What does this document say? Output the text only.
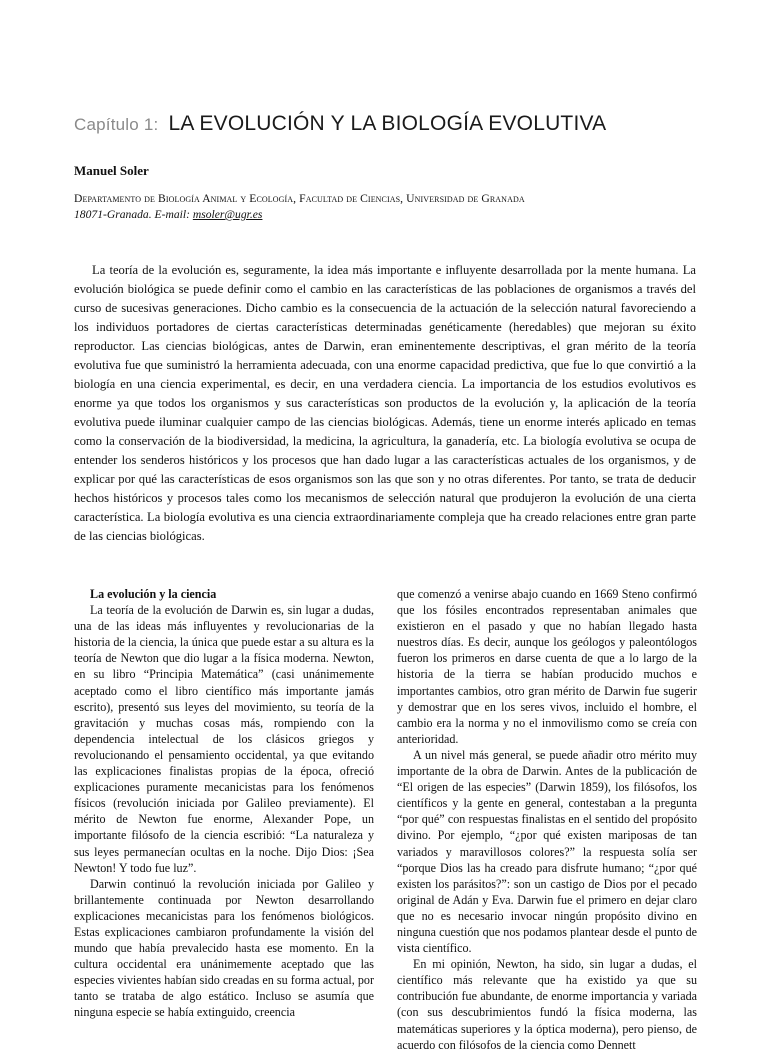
Capítulo 1: LA EVOLUCIÓN Y LA BIOLOGÍA EVOLUTIVA
Manuel Soler
Departamento de Biología Animal y Ecología, Facultad de Ciencias, Universidad de Granada
18071-Granada. E-mail: msoler@ugr.es

La teoría de la evolución es, seguramente, la idea más importante e influyente desarrollada por la mente humana. La evolución biológica se puede definir como el cambio en las características de las poblaciones de organismos a través del curso de sucesivas generaciones. Dicho cambio es la consecuencia de la actuación de la selección natural favoreciendo a los individuos portadores de ciertas características determinadas genéticamente (heredables) que mejoran su éxito reproductor. Las ciencias biológicas, antes de Darwin, eran eminentemente descriptivas, el gran mérito de la teoría evolutiva fue que suministró la herramienta adecuada, con una enorme capacidad predictiva, que fue lo que convirtió a la biología en una ciencia experimental, es decir, en una verdadera ciencia. La importancia de los estudios evolutivos es enorme ya que todos los organismos y sus características son productos de la evolución y, la aplicación de la teoría evolutiva puede iluminar cualquier campo de las ciencias biológicas. Además, tiene un enorme interés aplicado en temas como la conservación de la biodiversidad, la medicina, la agricultura, la ganadería, etc. La biología evolutiva se ocupa de entender los senderos históricos y los procesos que han dado lugar a las características actuales de los organismos, y de explicar por qué las características de esos organismos son las que son y no otras diferentes. Por tanto, se trata de deducir hechos históricos y procesos tales como los mecanismos de selección natural que produjeron la evolución de una cierta característica. La biología evolutiva es una ciencia extraordinariamente compleja que ha creado relaciones entre gran parte de las ciencias biológicas.

La evolución y la ciencia

La teoría de la evolución de Darwin es, sin lugar a dudas, una de las ideas más influyentes y revolucionarias de la historia de la ciencia, la única que puede estar a su altura es la teoría de Newton que dio lugar a la física moderna. Newton, en su libro “Principia Matemática” (casi unánimemente aceptado como el libro científico más importante jamás escrito), presentó sus leyes del movimiento, su teoría de la gravitación y muchas cosas más, rompiendo con la dependencia intelectual de los clásicos griegos y revolucionando el pensamiento occidental, ya que evitando las explicaciones finalistas propias de la época, ofreció explicaciones puramente mecanicistas para los fenómenos físicos (revolución iniciada por Galileo previamente). El mérito de Newton fue enorme, Alexander Pope, un importante filósofo de la ciencia escribió: “La naturaleza y sus leyes permanecían ocultas en la noche. Dijo Dios: ¡Sea Newton! Y todo fue luz”.

Darwin continuó la revolución iniciada por Galileo y brillantemente continuada por Newton desarrollando explicaciones mecanicistas para los fenómenos biológicos. Estas explicaciones cambiaron profundamente la visión del mundo que había prevalecido hasta ese momento. En la cultura occidental era unánimemente aceptado que las especies vivientes habían sido creadas en su forma actual, por tanto se trataba de algo estático. Incluso se asumía que ninguna especie se había extinguido, creencia

que comenzó a venirse abajo cuando en 1669 Steno confirmó que los fósiles encontrados representaban animales que existieron en el pasado y que no habían llegado hasta nuestros días. Es decir, aunque los geólogos y paleontólogos fueron los primeros en darse cuenta de que a lo largo de la historia de la tierra se habían producido muchos e importantes cambios, otro gran mérito de Darwin fue sugerir y demostrar que en los seres vivos, incluido el hombre, el cambio era la norma y no el inmovilismo como se creía con anterioridad.

A un nivel más general, se puede añadir otro mérito muy importante de la obra de Darwin. Antes de la publicación de “El origen de las especies” (Darwin 1859), los filósofos, los científicos y la gente en general, contestaban a la pregunta “por qué” con respuestas finalistas en el sentido del propósito divino. Por ejemplo, “¿por qué existen mariposas de tan variados y maravillosos colores?” la respuesta solía ser “porque Dios las ha creado para disfrute humano; “¿por qué existen los parásitos?”: son un castigo de Dios por el pecado original de Adán y Eva. Darwin fue el primero en dejar claro que no es necesario invocar ningún propósito divino en ninguna cuestión que nos podamos plantear desde el punto de vista científico.

En mi opinión, Newton, ha sido, sin lugar a dudas, el científico más relevante que ha existido ya que su contribución fue abundante, de enorme importancia y variada (con sus descubrimientos fundó la física moderna, las matemáticas superiores y la óptica moderna), pero pienso, de acuerdo con filósofos de la ciencia como Dennett
